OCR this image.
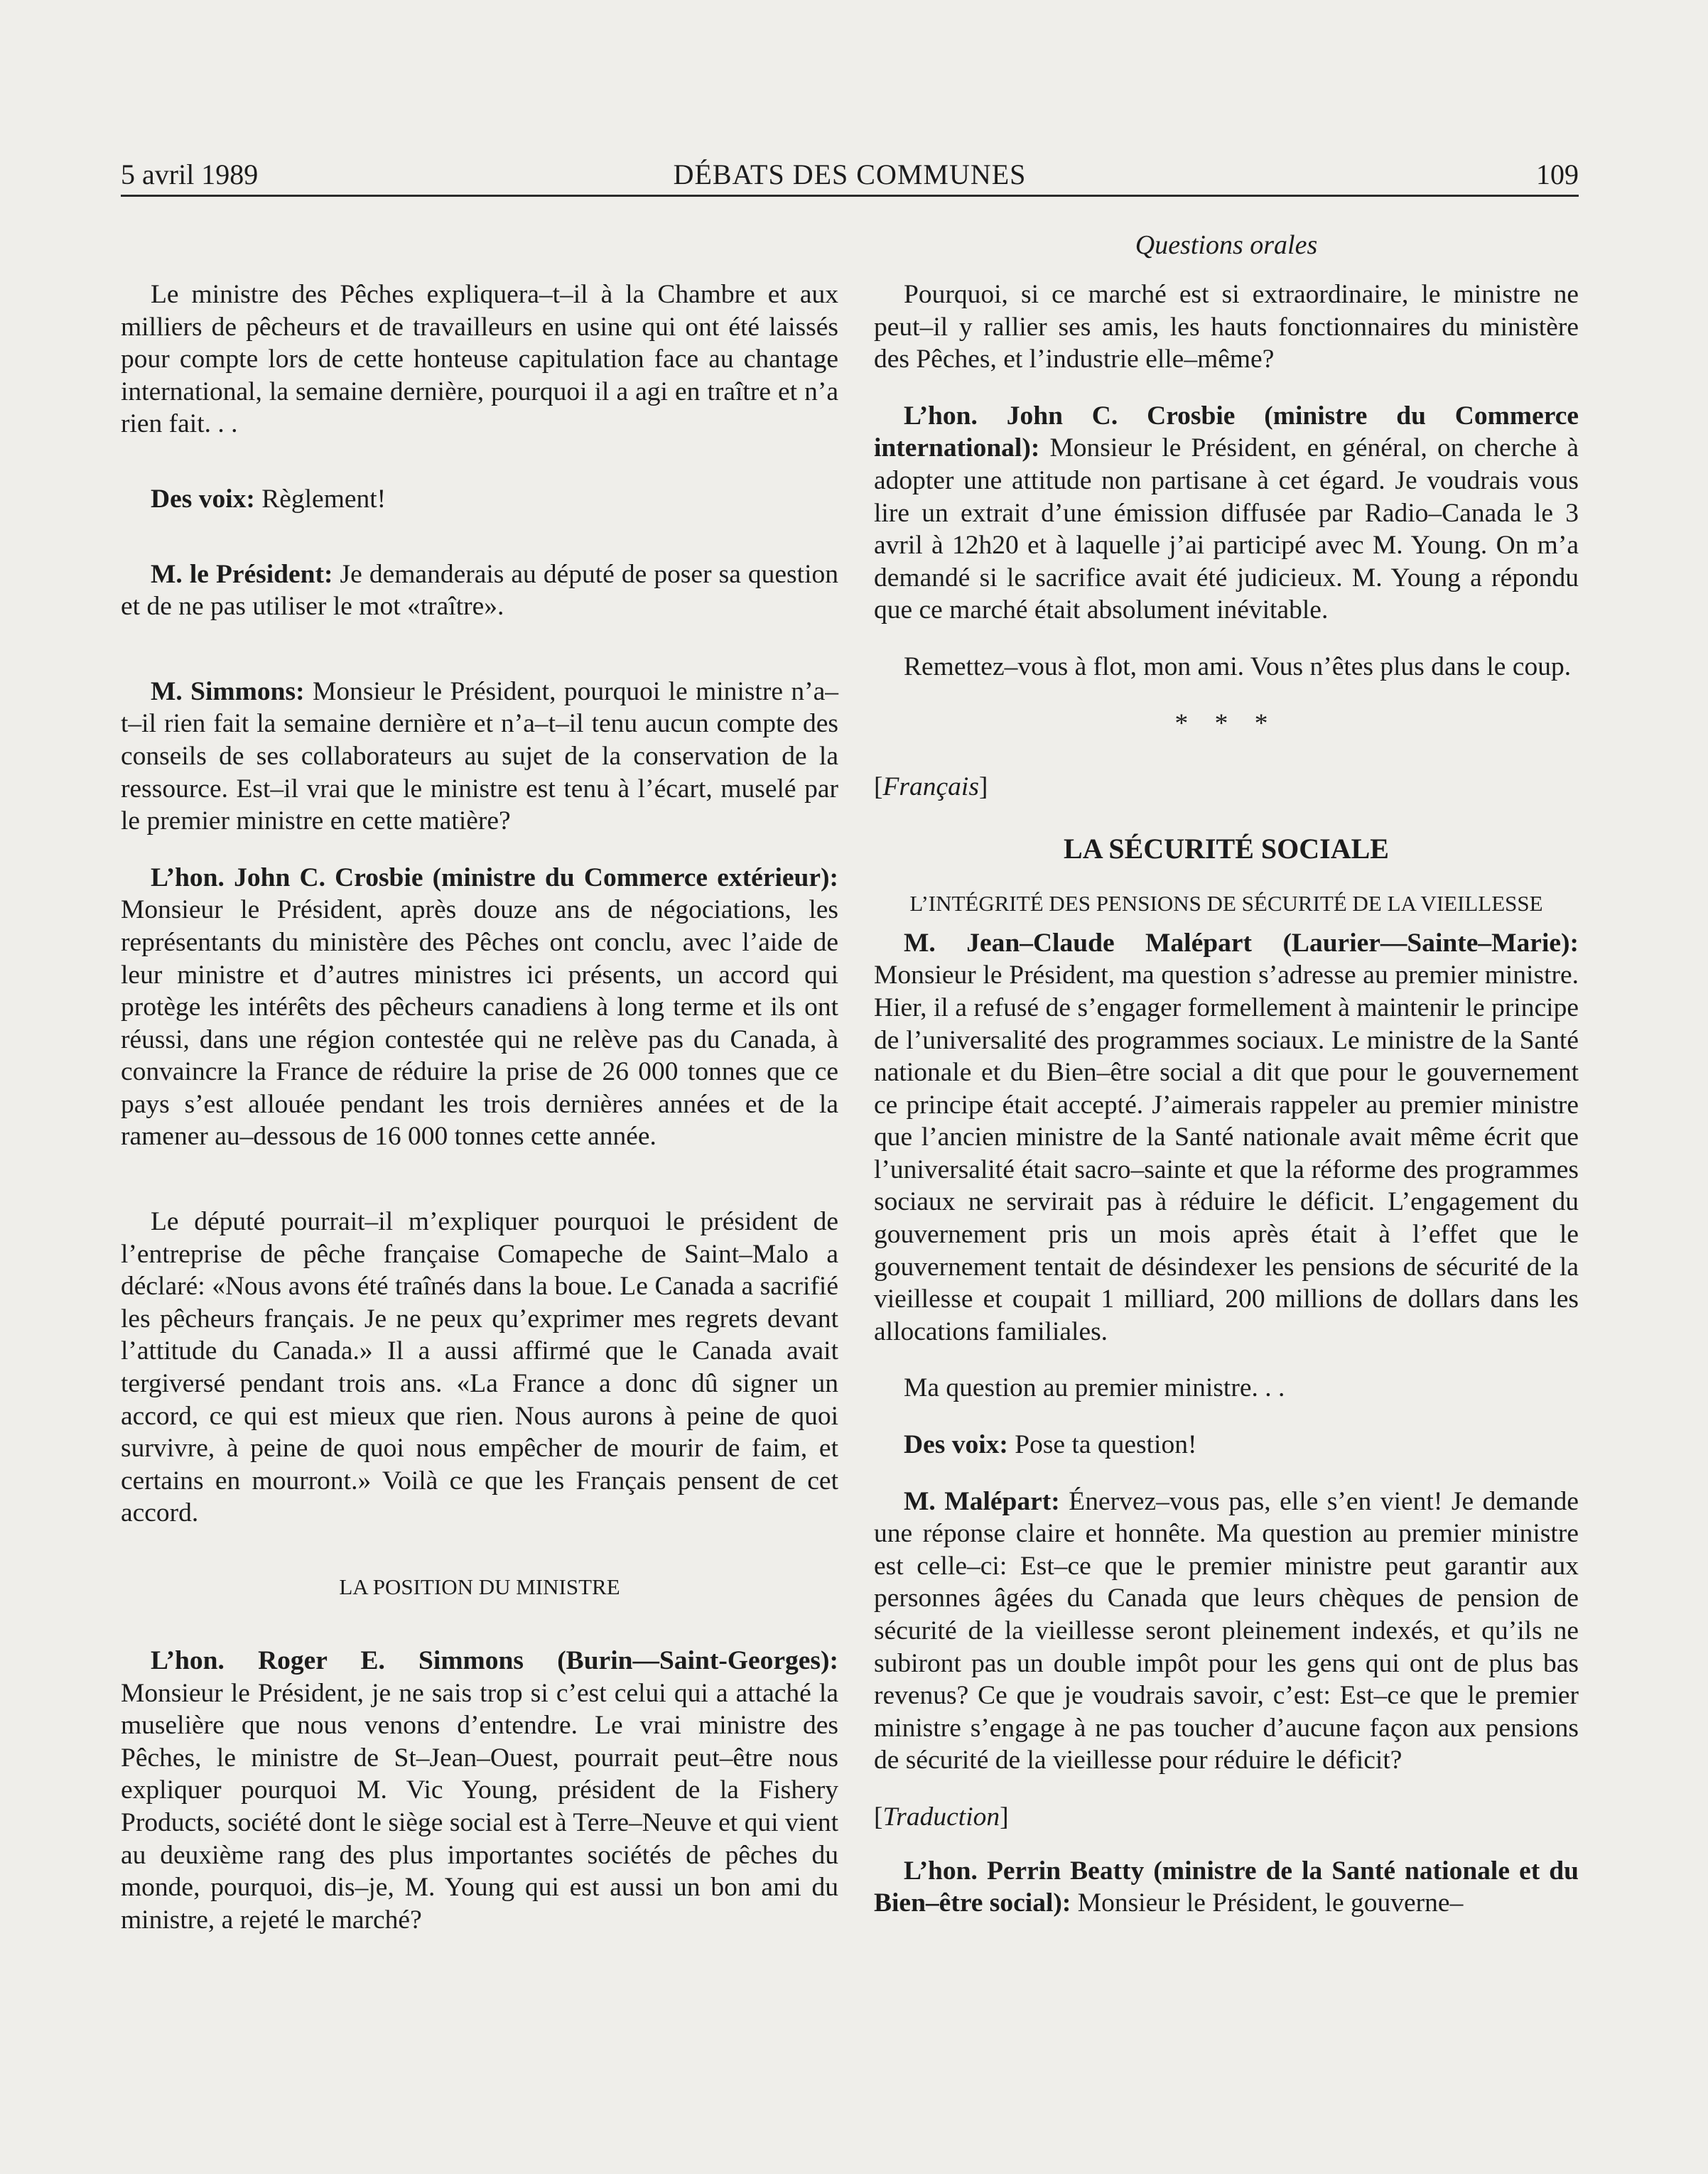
5 avril 1989	DÉBATS DES COMMUNES	109
Questions orales

Le ministre des Pêches expliquera–t–il à la Chambre et aux milliers de pêcheurs et de travailleurs en usine qui ont été laissés pour compte lors de cette honteuse capitulation face au chantage international, la semaine dernière, pourquoi il a agi en traître et n’a rien fait. . .

Des voix: Règlement!

M. le Président: Je demanderais au député de poser sa question et de ne pas utiliser le mot «traître».

M. Simmons: Monsieur le Président, pourquoi le ministre n’a–t–il rien fait la semaine dernière et n’a–t–il tenu aucun compte des conseils de ses collaborateurs au sujet de la conservation de la ressource. Est–il vrai que le ministre est tenu à l’écart, muselé par le premier ministre en cette matière?

L’hon. John C. Crosbie (ministre du Commerce extérieur): Monsieur le Président, après douze ans de négociations, les représentants du ministère des Pêches ont conclu, avec l’aide de leur ministre et d’autres ministres ici présents, un accord qui protège les intérêts des pêcheurs canadiens à long terme et ils ont réussi, dans une région contestée qui ne relève pas du Canada, à convaincre la France de réduire la prise de 26 000 tonnes que ce pays s’est allouée pendant les trois dernières années et de la ramener au–dessous de 16 000 tonnes cette année.

Le député pourrait–il m’expliquer pourquoi le président de l’entreprise de pêche française Comapeche de Saint–Malo a déclaré: «Nous avons été traînés dans la boue. Le Canada a sacrifié les pêcheurs français. Je ne peux qu’exprimer mes regrets devant l’attitude du Canada.» Il a aussi affirmé que le Canada avait tergiversé pendant trois ans. «La France a donc dû signer un accord, ce qui est mieux que rien. Nous aurons à peine de quoi survivre, à peine de quoi nous empêcher de mourir de faim, et certains en mourront.» Voilà ce que les Français pensent de cet accord.

LA POSITION DU MINISTRE

L’hon. Roger E. Simmons (Burin—Saint-Georges): Monsieur le Président, je ne sais trop si c’est celui qui a attaché la muselière que nous venons d’entendre. Le vrai ministre des Pêches, le ministre de St–Jean–Ouest, pourrait peut–être nous expliquer pourquoi M. Vic Young, président de la Fishery Products, société dont le siège social est à Terre–Neuve et qui vient au deuxième rang des plus importantes sociétés de pêches du monde, pourquoi, dis–je, M. Young qui est aussi un bon ami du ministre, a rejeté le marché?

Pourquoi, si ce marché est si extraordinaire, le ministre ne peut–il y rallier ses amis, les hauts fonctionnaires du ministère des Pêches, et l’industrie elle–même?

L’hon. John C. Crosbie (ministre du Commerce international): Monsieur le Président, en général, on cherche à adopter une attitude non partisane à cet égard. Je voudrais vous lire un extrait d’une émission diffusée par Radio–Canada le 3 avril à 12h20 et à laquelle j’ai participé avec M. Young. On m’a demandé si le sacrifice avait été judicieux. M. Young a répondu que ce marché était absolument inévitable.

Remettez–vous à flot, mon ami. Vous n’êtes plus dans le coup.

* * *

[Français]

LA SÉCURITÉ SOCIALE

L’INTÉGRITÉ DES PENSIONS DE SÉCURITÉ DE LA VIEILLESSE

M. Jean–Claude Malépart (Laurier—Sainte–Marie): Monsieur le Président, ma question s’adresse au premier ministre. Hier, il a refusé de s’engager formellement à maintenir le principe de l’universalité des programmes sociaux. Le ministre de la Santé nationale et du Bien–être social a dit que pour le gouvernement ce principe était accepté. J’aimerais rappeler au premier ministre que l’ancien ministre de la Santé nationale avait même écrit que l’universalité était sacro–sainte et que la réforme des programmes sociaux ne servirait pas à réduire le déficit. L’engagement du gouvernement pris un mois après était à l’effet que le gouvernement tentait de désindexer les pensions de sécurité de la vieillesse et coupait 1 milliard, 200 millions de dollars dans les allocations familiales.

Ma question au premier ministre. . .

Des voix: Pose ta question!

M. Malépart: Énervez–vous pas, elle s’en vient! Je demande une réponse claire et honnête. Ma question au premier ministre est celle–ci: Est–ce que le premier ministre peut garantir aux personnes âgées du Canada que leurs chèques de pension de sécurité de la vieillesse seront pleinement indexés, et qu’ils ne subiront pas un double impôt pour les gens qui ont de plus bas revenus? Ce que je voudrais savoir, c’est: Est–ce que le premier ministre s’engage à ne pas toucher d’aucune façon aux pensions de sécurité de la vieillesse pour réduire le déficit?

[Traduction]

L’hon. Perrin Beatty (ministre de la Santé nationale et du Bien–être social): Monsieur le Président, le gouverne–
